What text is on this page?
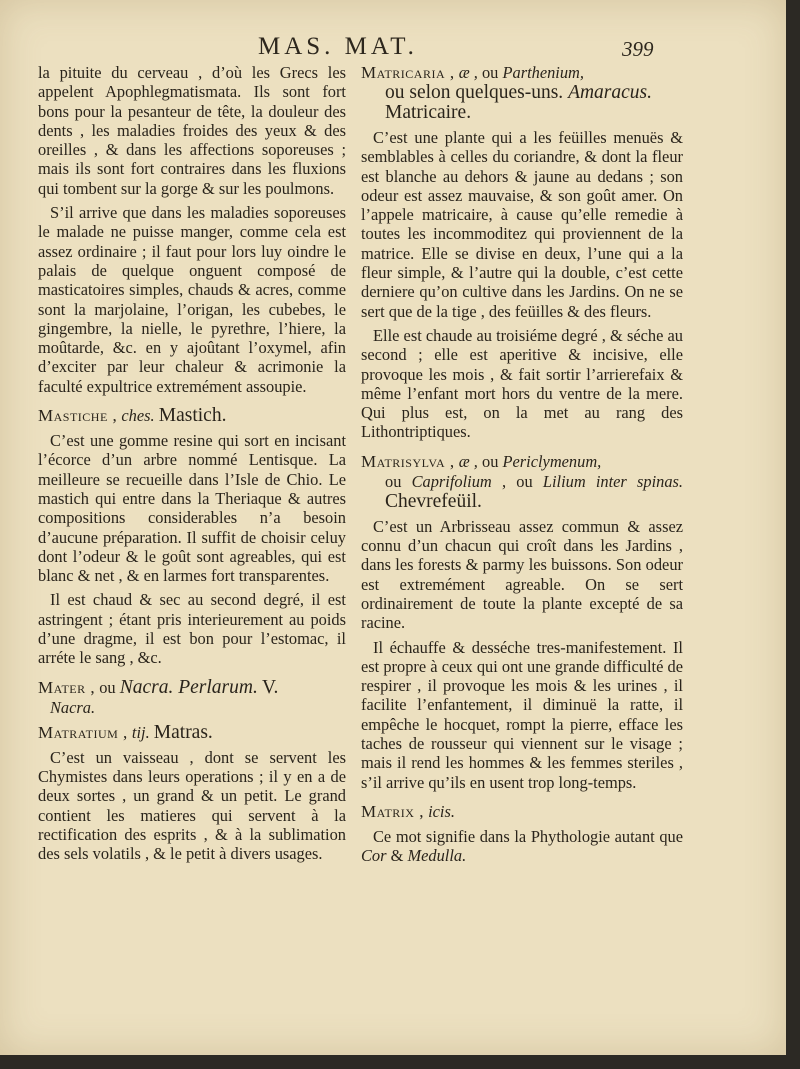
MAS. MAT.	399

la pituite du cerveau , d’où les Grecs les appelent Apophlegmatismata. Ils sont fort bons pour la pesanteur de tête, la douleur des dents , les maladies froides des yeux & des oreilles , & dans les affections soporeuses ; mais ils sont fort contraires dans les fluxions qui tombent sur la gorge & sur les poulmons.

S’il arrive que dans les maladies soporeuses le malade ne puisse manger, comme cela est assez ordinaire ; il faut pour lors luy oindre le palais de quelque onguent composé de masticatoires simples, chauds & acres, comme sont la marjolaine, l’origan, les cubebes, le gingembre, la nielle, le pyrethre, l’hiere, la moûtarde, &c. en y ajoûtant l’oxymel, afin d’exciter par leur chaleur & acrimonie la faculté expultrice extremément assoupie.

Mastiche , ches. Mastich.

C’est une gomme resine qui sort en incisant l’écorce d’un arbre nommé Lentisque. La meilleure se recueille dans l’Isle de Chio. Le mastich qui entre dans la Theriaque & autres compositions considerables n’a besoin d’aucune préparation. Il suffit de choisir celuy dont l’odeur & le goût sont agreables, qui est blanc & net , & en larmes fort transparentes.

Il est chaud & sec au second degré, il est astringent ; étant pris interieurement au poids d’une dragme, il est bon pour l’estomac, il arréte le sang , &c.

Mater , ou Nacra. Perlarum. V.
Nacra.
Matratium , tij. Matras.

C’est un vaisseau , dont se servent les Chymistes dans leurs operations ; il y en a de deux sortes , un grand & un petit. Le grand contient les matieres qui servent à la rectification des esprits , & à la sublimation des sels volatils , & le petit à divers usages.

Matricaria , æ , ou Parthenium,
ou selon quelques-uns. Amaracus.
Matricaire.

C’est une plante qui a les feüilles menuës & semblables à celles du coriandre, & dont la fleur est blanche au dehors & jaune au dedans ; son odeur est assez mauvaise, & son goût amer. On l’appele matricaire, à cause qu’elle remedie à toutes les incommoditez qui proviennent de la matrice. Elle se divise en deux, l’une qui a la fleur simple, & l’autre qui la double, c’est cette derniere qu’on cultive dans les Jardins. On ne se sert que de la tige , des feüilles & des fleurs.

Elle est chaude au troisiéme degré , & séche au second ; elle est aperitive & incisive, elle provoque les mois , & fait sortir l’arrierefaix & même l’enfant mort hors du ventre de la mere. Qui plus est, on la met au rang des Lithontriptiques.

Matrisylva , æ , ou Periclymenum,
ou Caprifolium , ou Lilium inter spinas. Chevrefeüil.

C’est un Arbrisseau assez commun & assez connu d’un chacun qui croît dans les Jardins , dans les forests & parmy les buissons. Son odeur est extremément agreable. On se sert ordinairement de toute la plante excepté de sa racine.

Il échauffe & desséche tres-manifestement. Il est propre à ceux qui ont une grande difficulté de respirer , il provoque les mois & les urines , il facilite l’enfantement, il diminuë la ratte, il empêche le hocquet, rompt la pierre, efface les taches de rousseur qui viennent sur le visage ; mais il rend les hommes & les femmes steriles , s’il arrive qu’ils en usent trop long-temps.

Matrix , icis.

Ce mot signifie dans la Phythologie autant que Cor & Medulla.
